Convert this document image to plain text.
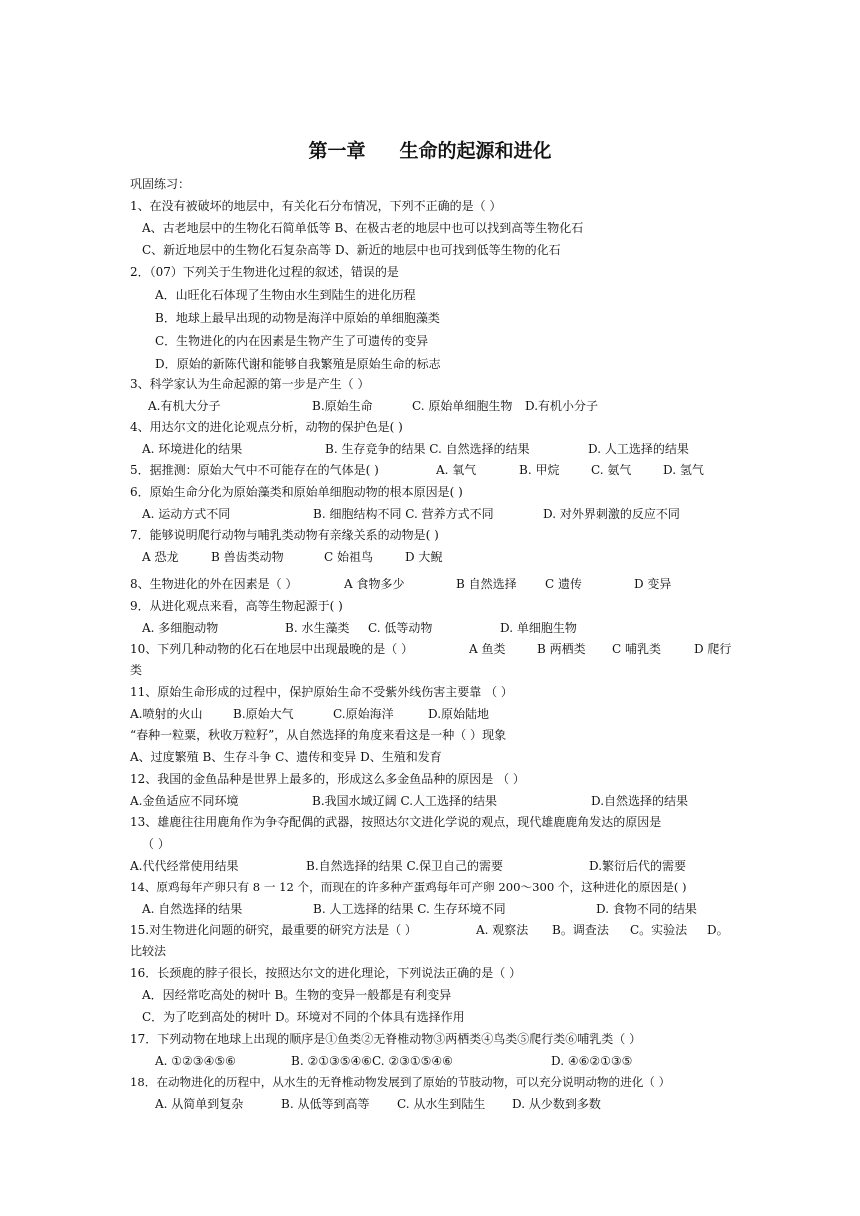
第一章 生命的起源和进化
巩固练习：
1、在没有被破坏的地层中，有关化石分布情况，下列不正确的是（ ）
A、古老地层中的生物化石简单低等 B、在极古老的地层中也可以找到高等生物化石
C、新近地层中的生物化石复杂高等 D、新近的地层中也可找到低等生物的化石
2．（07）下列关于生物进化过程的叙述，错误的是
A．山旺化石体现了生物由水生到陆生的进化历程
B．地球上最早出现的动物是海洋中原始的单细胞藻类
C．生物进化的内在因素是生物产生了可遗传的变异
D．原始的新陈代谢和能够自我繁殖是原始生命的标志
3、科学家认为生命起源的第一步是产生（ ）
A.有机大分子	B.原始生命	C. 原始单细胞生物 D.有机小分子
4、用达尔文的进化论观点分析，动物的保护色是( )
A. 环境进化的结果	B. 生存竞争的结果 C. 自然选择的结果	D. 人工选择的结果
5．据推测：原始大气中不可能存在的气体是( )	A. 氧气	B. 甲烷	C. 氨气	D. 氢气
6．原始生命分化为原始藻类和原始单细胞动物的根本原因是( )
A. 运动方式不同	B. 细胞结构不同 C. 营养方式不同	D. 对外界刺激的反应不同
7．能够说明爬行动物与哺乳类动物有亲缘关系的动物是( )
A 恐龙	B 兽齿类动物	C 始祖鸟	D 大鲵
8、生物进化的外在因素是（ ）	A 食物多少	B 自然选择 C 遗传	D 变异
9．从进化观点来看，高等生物起源于( )
A. 多细胞动物	B. 水生藻类 C. 低等动物	D. 单细胞生物
10、下列几种动物的化石在地层中出现最晚的是（ ）	A 鱼类	B 两栖类 C 哺乳类	D 爬行
类
11、原始生命形成的过程中，保护原始生命不受紫外线伤害主要靠 （ ）
A.喷射的火山	B.原始大气	C.原始海洋	D.原始陆地
“春种一粒粟，秋收万粒籽”，从自然选择的角度来看这是一种（ ）现象
A、过度繁殖 B、生存斗争 C、遗传和变异 D、生殖和发育
12、我国的金鱼品种是世界上最多的，形成这么多金鱼品种的原因是 （ ）
A.金鱼适应不同环境	B.我国水域辽阔 C.人工选择的结果	D.自然选择的结果
13、雄鹿往往用鹿角作为争夺配偶的武器，按照达尔文进化学说的观点，现代雄鹿鹿角发达的原因是
（ ）
A.代代经常使用结果	B.自然选择的结果 C.保卫自己的需要	D.繁衍后代的需要
14、原鸡每年产卵只有 8 一 12 个，而现在的许多种产蛋鸡每年可产卵 200～300 个，这种进化的原因是( )
A. 自然选择的结果	B. 人工选择的结果 C. 生存环境不同	D. 食物不同的结果
15.对生物进化问题的研究，最重要的研究方法是（ ）	A. 观察法 B。调查法 C。实验法 D。
比较法
16．长颈鹿的脖子很长，按照达尔文的进化理论，下列说法正确的是（ ）
A．因经常吃高处的树叶 B。生物的变异一般都是有利变异
C．为了吃到高处的树叶 D。环境对不同的个体具有选择作用
17．下列动物在地球上出现的顺序是①鱼类②无脊椎动物③两栖类④鸟类⑤爬行类⑥哺乳类（ ）
A. ①②③④⑤⑥	B. ②①③⑤④⑥C. ②③①⑤④⑥	D. ④⑥②①③⑤
18．在动物进化的历程中，从水生的无脊椎动物发展到了原始的节肢动物，可以充分说明动物的进化（ ）
A. 从简单到复杂	B. 从低等到高等 C. 从水生到陆生 D. 从少数到多数
